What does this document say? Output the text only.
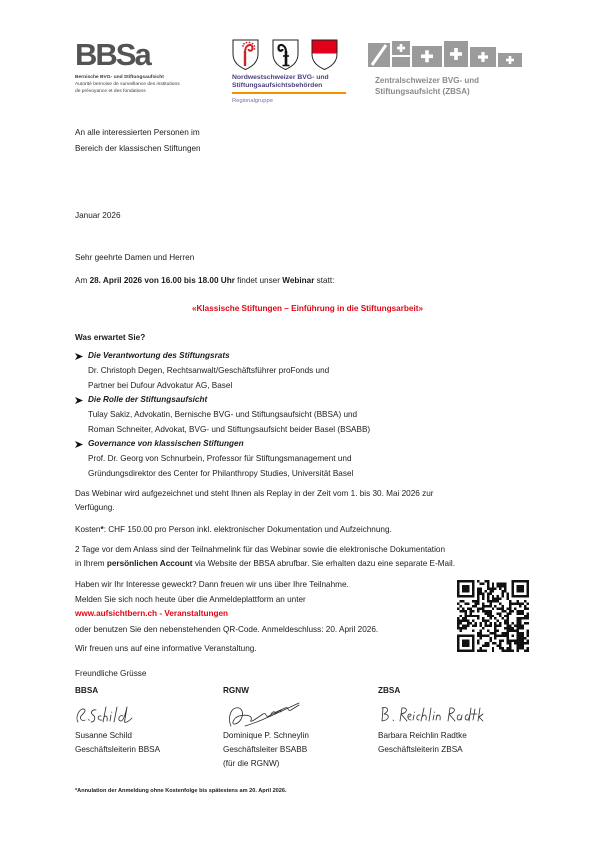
BBSa
Bernische BVG- und Stiftungsaufsicht
Autorité bernoise de surveillance des institutions
de prévoyance et des fondations
Nordwestschweizer BVG- und
Stiftungsaufsichtsbehörden
Regionalgruppe
Zentralschweizer BVG- und
Stiftungsaufsicht (ZBSA)
An alle interessierten Personen im
Bereich der klassischen Stiftungen
Januar 2026
Sehr geehrte Damen und Herren
Am 28. April 2026 von 16.00 bis 18.00 Uhr findet unser Webinar statt:
«Klassische Stiftungen – Einführung in die Stiftungsarbeit»
Was erwartet Sie?
Die Verantwortung des Stiftungsrats
Dr. Christoph Degen, Rechtsanwalt/Geschäftsführer proFonds und
Partner bei Dufour Advokatur AG, Basel
Die Rolle der Stiftungsaufsicht
Tulay Sakiz, Advokatin, Bernische BVG- und Stiftungsaufsicht (BBSA) und
Roman Schneiter, Advokat, BVG- und Stiftungsaufsicht beider Basel (BSABB)
Governance von klassischen Stiftungen
Prof. Dr. Georg von Schnurbein, Professor für Stiftungsmanagement und
Gründungsdirektor des Center for Philanthropy Studies, Universität Basel
Das Webinar wird aufgezeichnet und steht Ihnen als Replay in der Zeit vom 1. bis 30. Mai 2026 zur
Verfügung.
Kosten*: CHF 150.00 pro Person inkl. elektronischer Dokumentation und Aufzeichnung.
2 Tage vor dem Anlass sind der Teilnahmelink für das Webinar sowie die elektronische Dokumentation
in Ihrem persönlichen Account via Website der BBSA abrufbar. Sie erhalten dazu eine separate E-Mail.
Haben wir Ihr Interesse geweckt? Dann freuen wir uns über Ihre Teilnahme.
Melden Sie sich noch heute über die Anmeldeplattform an unter
www.aufsichtbern.ch - Veranstaltungen
oder benutzen Sie den nebenstehenden QR-Code. Anmeldeschluss: 20. April 2026.
Wir freuen uns auf eine informative Veranstaltung.
Freundliche Grüsse
BBSA
Susanne Schild
Geschäftsleiterin BBSA
RGNW
Dominique P. Schneylin
Geschäftsleiter BSABB
(für die RGNW)
ZBSA
Barbara Reichlin Radtke
Geschäftsleiterin ZBSA
*Annulation der Anmeldung ohne Kostenfolge bis spätestens am 20. April 2026.
